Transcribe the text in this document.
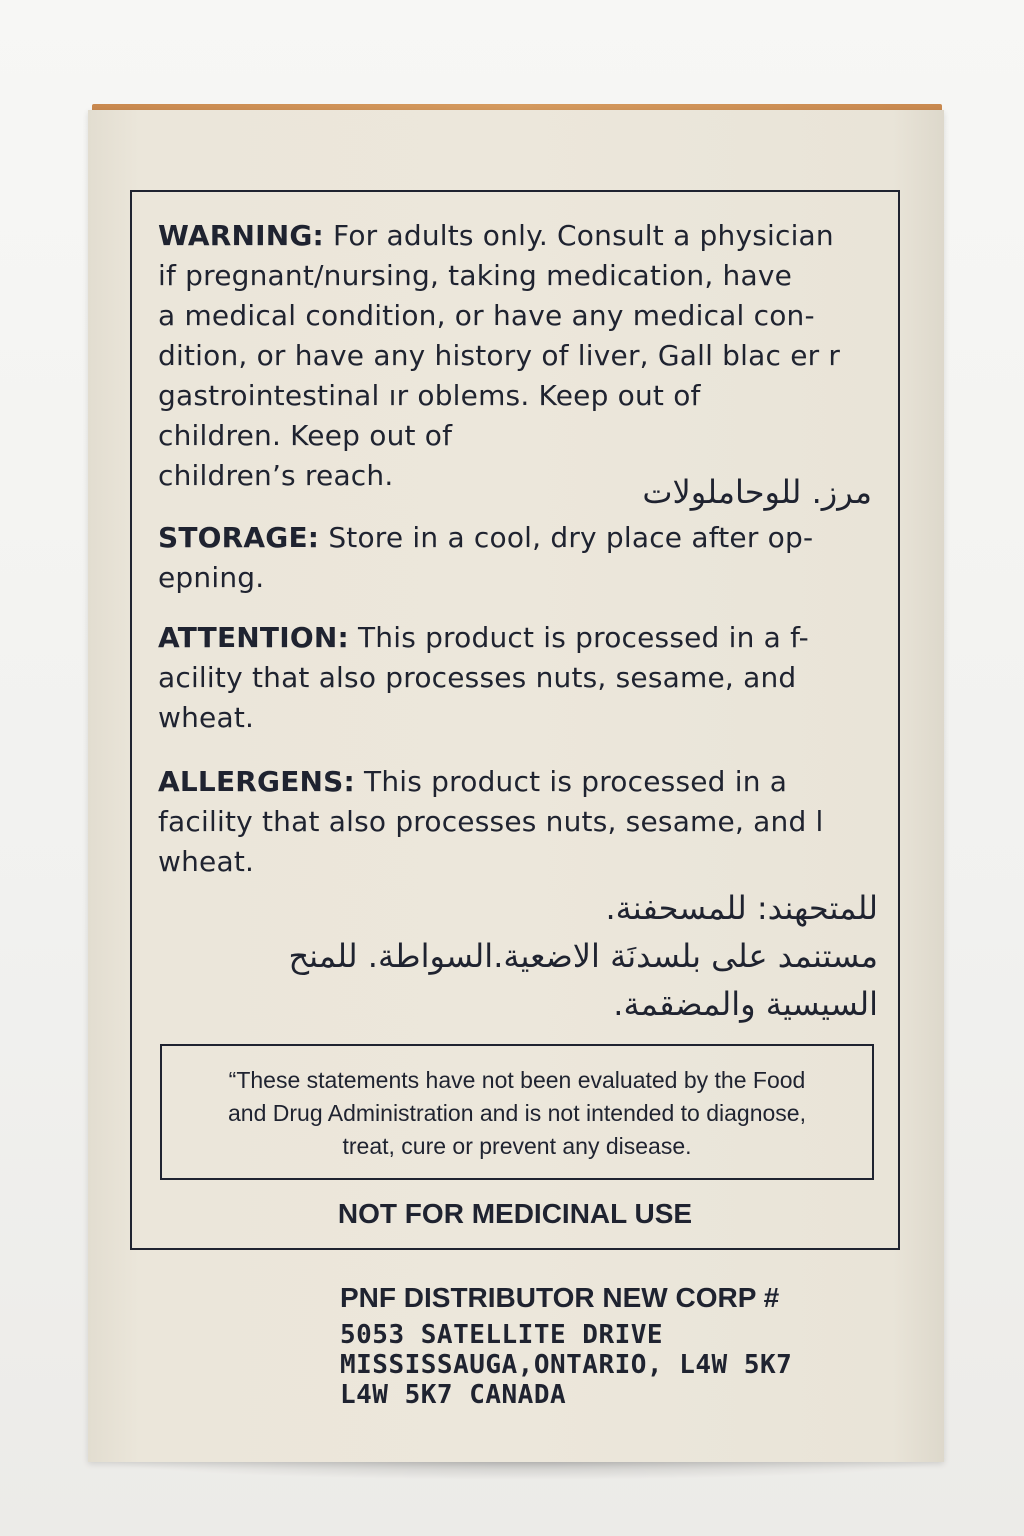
WARNING: For adults only. Consult a physician
if pregnant/nursing, taking medication, have
a medical condition, or have any medical con-
dition, or have any history of liver, Gall blac er r
gastrointestinal ır oblems. Keep out of
children. Keep out of
children’s reach.	مرز. للوحاملولات
STORAGE: Store in a cool, dry place after op-
epning.
ATTENTION: This product is processed in a f-
acility that also processes nuts, sesame, and
wheat.
ALLERGENS: This product is processed in a
facility that also processes nuts, sesame, and l
wheat.
للمتحهند: للمسحفنة.
مستنمد على بلسدنَة الاضعية.السواطة. للمنح
السيسية والمضقمة.
“These statements have not been evaluated by the Food
and Drug Administration and is not intended to diagnose,
treat, cure or prevent any disease.
NOT FOR MEDICINAL USE
PNF DISTRIBUTOR NEW CORP #
5053 SATELLITE DRIVE
MISSISSAUGA,ONTARIO, L4W 5K7
L4W 5K7 CANADA
